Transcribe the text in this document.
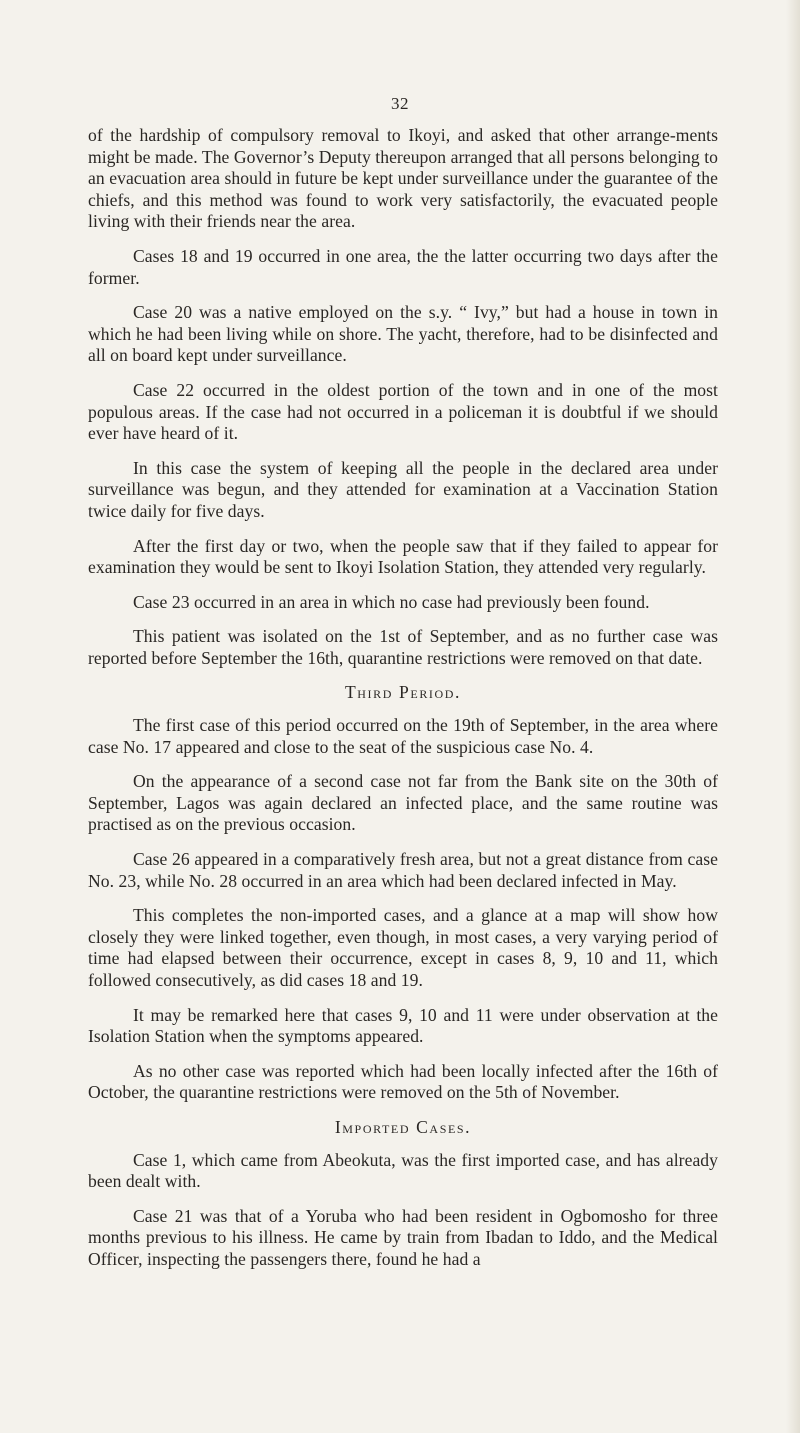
32

of the hardship of compulsory removal to Ikoyi, and asked that other arrange-ments might be made. The Governor’s Deputy thereupon arranged that all persons belonging to an evacuation area should in future be kept under surveillance under the guarantee of the chiefs, and this method was found to work very satisfactorily, the evacuated people living with their friends near the area.

Cases 18 and 19 occurred in one area, the the latter occurring two days after the former.

Case 20 was a native employed on the s.y. “ Ivy,” but had a house in town in which he had been living while on shore. The yacht, therefore, had to be disinfected and all on board kept under surveillance.

Case 22 occurred in the oldest portion of the town and in one of the most populous areas. If the case had not occurred in a policeman it is doubtful if we should ever have heard of it.

In this case the system of keeping all the people in the declared area under surveillance was begun, and they attended for examination at a Vaccination Station twice daily for five days.

After the first day or two, when the people saw that if they failed to appear for examination they would be sent to Ikoyi Isolation Station, they attended very regularly.

Case 23 occurred in an area in which no case had previously been found.

This patient was isolated on the 1st of September, and as no further case was reported before September the 16th, quarantine restrictions were removed on that date.

Third Period.

The first case of this period occurred on the 19th of September, in the area where case No. 17 appeared and close to the seat of the suspicious case No. 4.

On the appearance of a second case not far from the Bank site on the 30th of September, Lagos was again declared an infected place, and the same routine was practised as on the previous occasion.

Case 26 appeared in a comparatively fresh area, but not a great distance from case No. 23, while No. 28 occurred in an area which had been declared infected in May.

This completes the non-imported cases, and a glance at a map will show how closely they were linked together, even though, in most cases, a very varying period of time had elapsed between their occurrence, except in cases 8, 9, 10 and 11, which followed consecutively, as did cases 18 and 19.

It may be remarked here that cases 9, 10 and 11 were under observation at the Isolation Station when the symptoms appeared.

As no other case was reported which had been locally infected after the 16th of October, the quarantine restrictions were removed on the 5th of November.

Imported Cases.

Case 1, which came from Abeokuta, was the first imported case, and has already been dealt with.

Case 21 was that of a Yoruba who had been resident in Ogbomosho for three months previous to his illness. He came by train from Ibadan to Iddo, and the Medical Officer, inspecting the passengers there, found he had a
